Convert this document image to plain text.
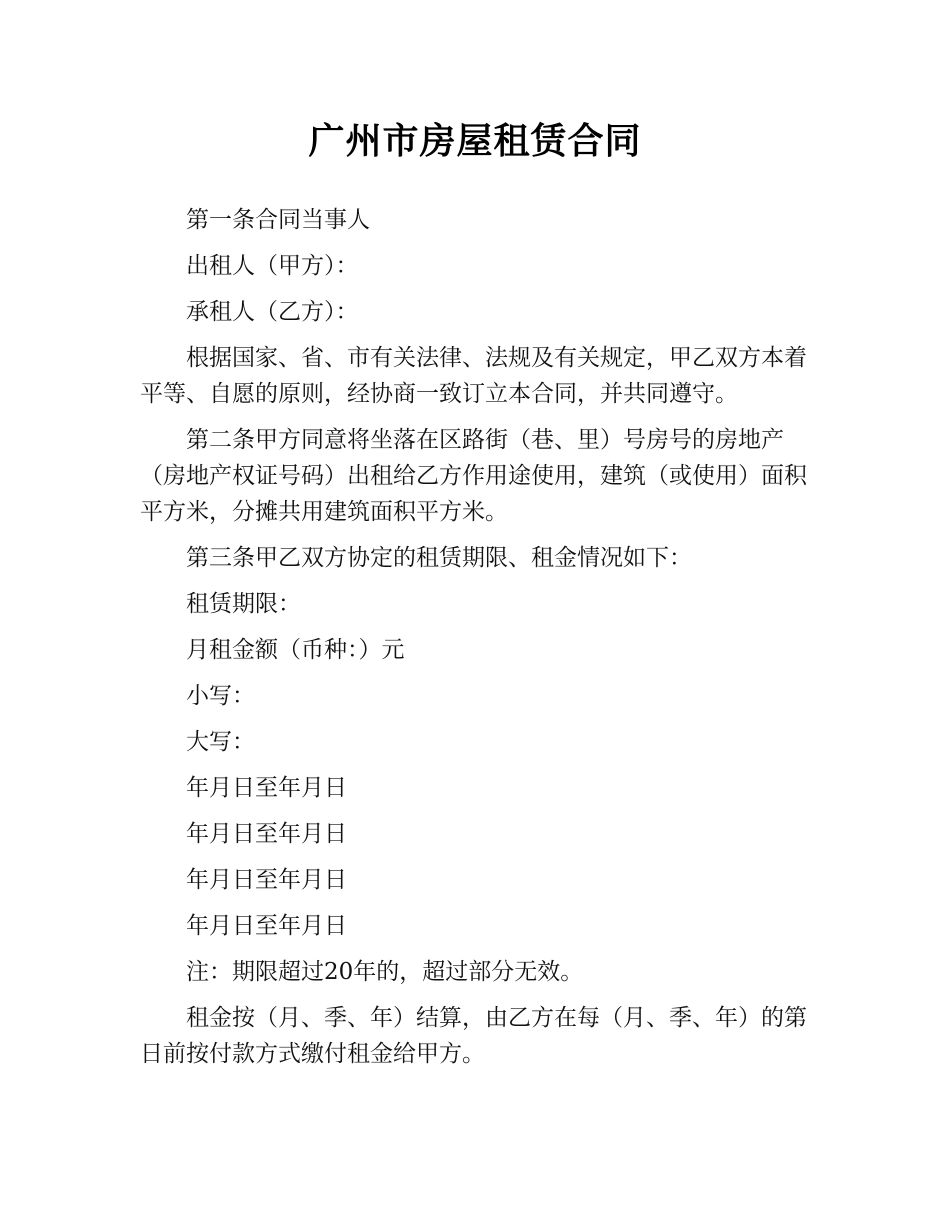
广州市房屋租赁合同

第一条合同当事人

出租人（甲方）：

承租人（乙方）：

根据国家、省、市有关法律、法规及有关规定，甲乙双方本着平等、自愿的原则，经协商一致订立本合同，并共同遵守。

第二条甲方同意将坐落在区路街（巷、里）号房号的房地产（房地产权证号码）出租给乙方作用途使用，建筑（或使用）面积平方米，分摊共用建筑面积平方米。

第三条甲乙双方协定的租赁期限、租金情况如下：

租赁期限：

月租金额（币种：）元

小写：

大写：

年月日至年月日

年月日至年月日

年月日至年月日

年月日至年月日

注：期限超过20年的，超过部分无效。

租金按（月、季、年）结算，由乙方在每（月、季、年）的第日前按付款方式缴付租金给甲方。
